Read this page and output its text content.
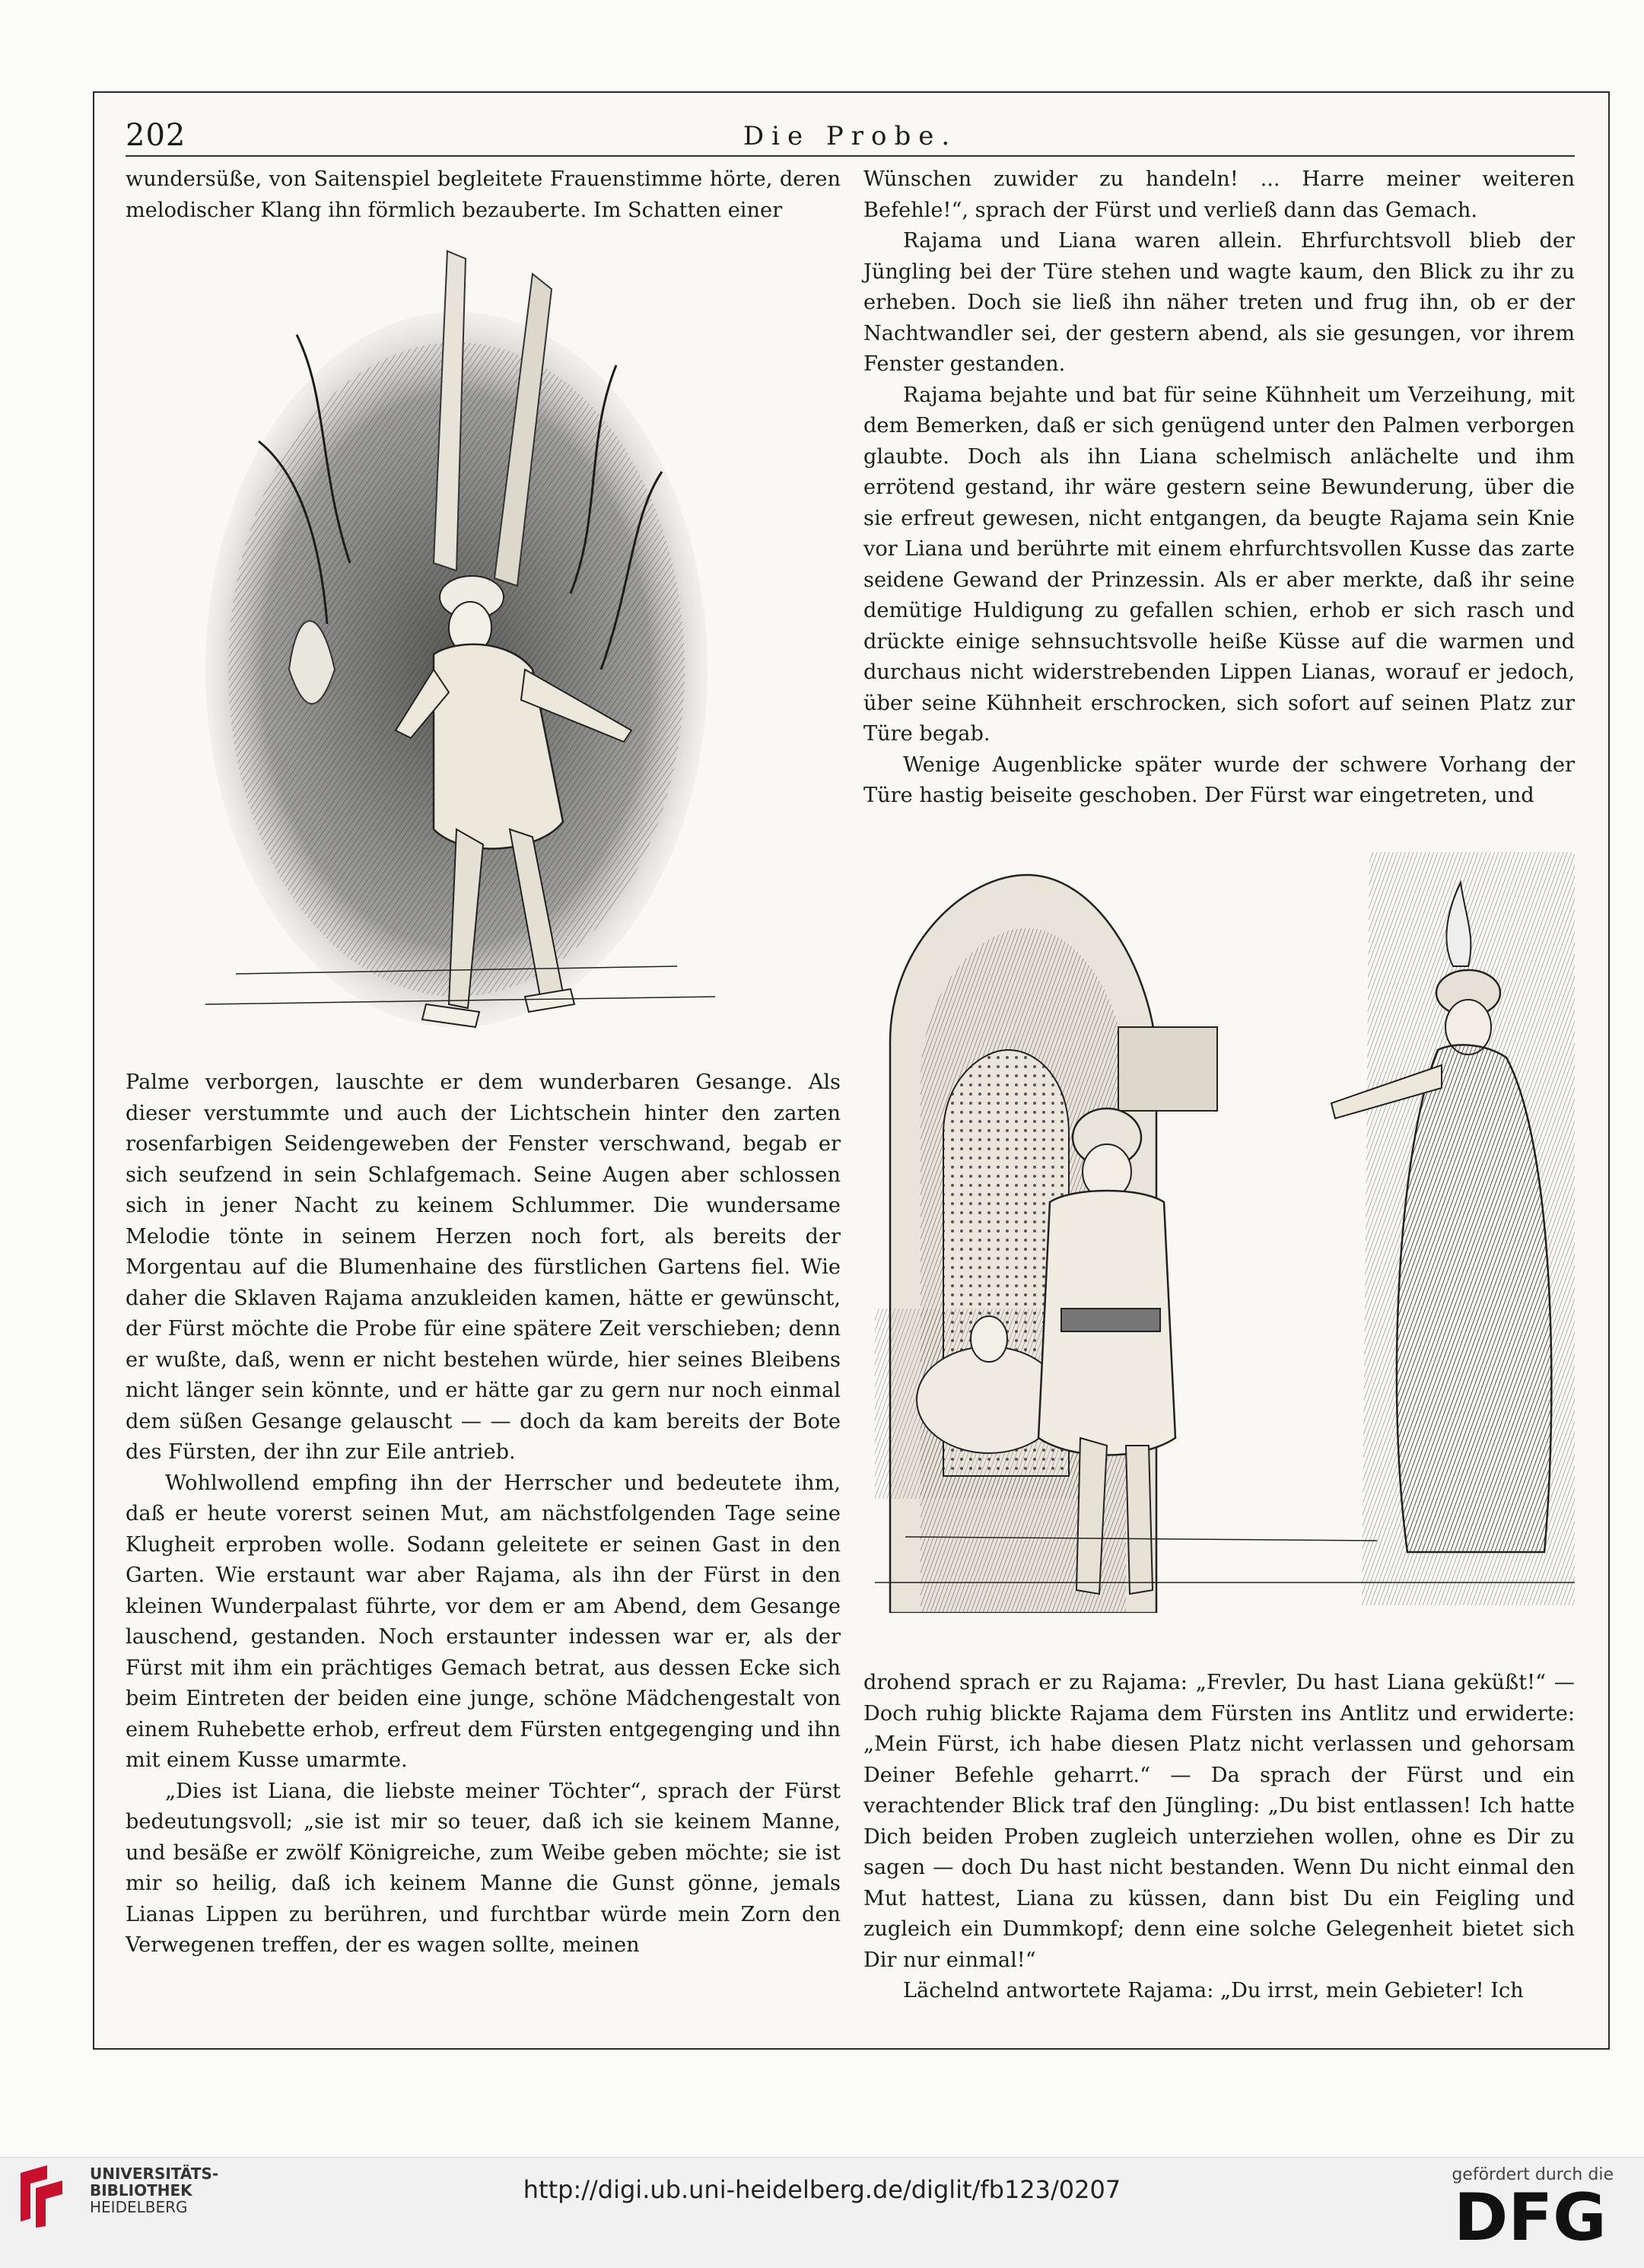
202	Die Probe.

wundersüße, von Saitenspiel begleitete Frauenstimme hörte, deren melodischer Klang ihn förmlich bezauberte. Im Schatten einer

Palme verborgen, lauschte er dem wunderbaren Gesange. Als dieser verstummte und auch der Lichtschein hinter den zarten rosenfarbigen Seidengeweben der Fenster verschwand, begab er sich seufzend in sein Schlafgemach. Seine Augen aber schlossen sich in jener Nacht zu keinem Schlummer. Die wundersame Melodie tönte in seinem Herzen noch fort, als bereits der Morgentau auf die Blumenhaine des fürstlichen Gartens fiel. Wie daher die Sklaven Rajama anzukleiden kamen, hätte er gewünscht, der Fürst möchte die Probe für eine spätere Zeit verschieben; denn er wußte, daß, wenn er nicht bestehen würde, hier seines Bleibens nicht länger sein könnte, und er hätte gar zu gern nur noch einmal dem süßen Gesange gelauscht — — doch da kam bereits der Bote des Fürsten, der ihn zur Eile antrieb.

Wohlwollend empfing ihn der Herrscher und bedeutete ihm, daß er heute vorerst seinen Mut, am nächstfolgenden Tage seine Klugheit erproben wolle. Sodann geleitete er seinen Gast in den Garten. Wie erstaunt war aber Rajama, als ihn der Fürst in den kleinen Wunderpalast führte, vor dem er am Abend, dem Gesange lauschend, gestanden. Noch erstaunter indessen war er, als der Fürst mit ihm ein prächtiges Gemach betrat, aus dessen Ecke sich beim Eintreten der beiden eine junge, schöne Mädchengestalt von einem Ruhebette erhob, erfreut dem Fürsten entgegenging und ihn mit einem Kusse umarmte.

„Dies ist Liana, die liebste meiner Töchter“, sprach der Fürst bedeutungsvoll; „sie ist mir so teuer, daß ich sie keinem Manne, und besäße er zwölf Königreiche, zum Weibe geben möchte; sie ist mir so heilig, daß ich keinem Manne die Gunst gönne, jemals Lianas Lippen zu berühren, und furchtbar würde mein Zorn den Verwegenen treffen, der es wagen sollte, meinen

Wünschen zuwider zu handeln! ... Harre meiner weiteren Befehle!“, sprach der Fürst und verließ dann das Gemach.

Rajama und Liana waren allein. Ehrfurchtsvoll blieb der Jüngling bei der Türe stehen und wagte kaum, den Blick zu ihr zu erheben. Doch sie ließ ihn näher treten und frug ihn, ob er der Nachtwandler sei, der gestern abend, als sie gesungen, vor ihrem Fenster gestanden.

Rajama bejahte und bat für seine Kühnheit um Verzeihung, mit dem Bemerken, daß er sich genügend unter den Palmen verborgen glaubte. Doch als ihn Liana schelmisch anlächelte und ihm errötend gestand, ihr wäre gestern seine Bewunderung, über die sie erfreut gewesen, nicht entgangen, da beugte Rajama sein Knie vor Liana und berührte mit einem ehrfurchtsvollen Kusse das zarte seidene Gewand der Prinzessin. Als er aber merkte, daß ihr seine demütige Huldigung zu gefallen schien, erhob er sich rasch und drückte einige sehnsuchtsvolle heiße Küsse auf die warmen und durchaus nicht widerstrebenden Lippen Lianas, worauf er jedoch, über seine Kühnheit erschrocken, sich sofort auf seinen Platz zur Türe begab.

Wenige Augenblicke später wurde der schwere Vorhang der Türe hastig beiseite geschoben. Der Fürst war eingetreten, und

drohend sprach er zu Rajama: „Frevler, Du hast Liana geküßt!“ — Doch ruhig blickte Rajama dem Fürsten ins Antlitz und erwiderte: „Mein Fürst, ich habe diesen Platz nicht verlassen und gehorsam Deiner Befehle geharrt.“ — Da sprach der Fürst und ein verachtender Blick traf den Jüngling: „Du bist entlassen! Ich hatte Dich beiden Proben zugleich unterziehen wollen, ohne es Dir zu sagen — doch Du hast nicht bestanden. Wenn Du nicht einmal den Mut hattest, Liana zu küssen, dann bist Du ein Feigling und zugleich ein Dummkopf; denn eine solche Gelegenheit bietet sich Dir nur einmal!“

Lächelnd antwortete Rajama: „Du irrst, mein Gebieter! Ich

UNIVERSITÄTS-
BIBLIOTHEK
HEIDELBERG
http://digi.ub.uni-heidelberg.de/diglit/fb123/0207
gefördert durch die
DFG
